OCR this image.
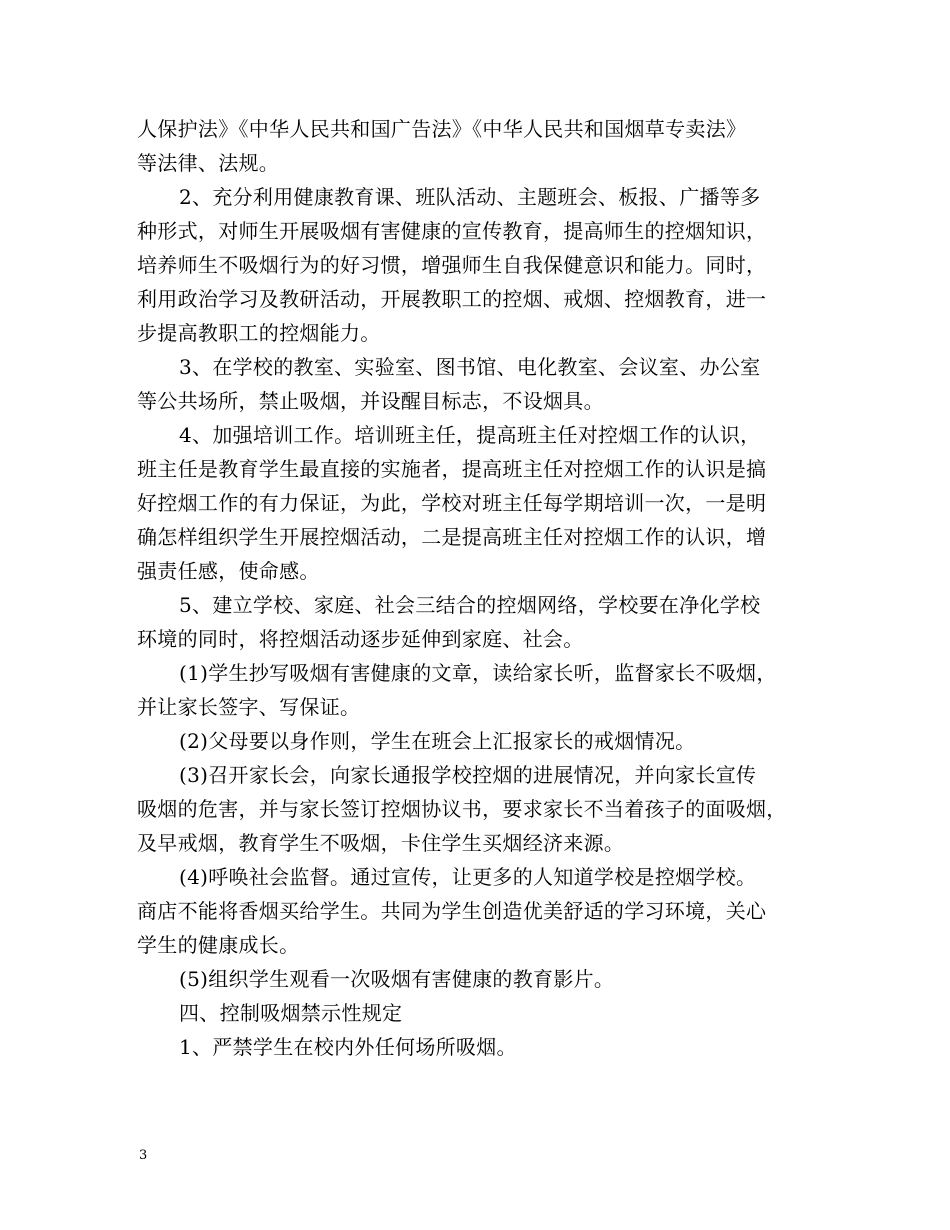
人保护法》《中华人民共和国广告法》《中华人民共和国烟草专卖法》
等法律、法规。
2、充分利用健康教育课、班队活动、主题班会、板报、广播等多
种形式，对师生开展吸烟有害健康的宣传教育，提高师生的控烟知识，
培养师生不吸烟行为的好习惯，增强师生自我保健意识和能力。同时，
利用政治学习及教研活动，开展教职工的控烟、戒烟、控烟教育，进一
步提高教职工的控烟能力。
3、在学校的教室、实验室、图书馆、电化教室、会议室、办公室
等公共场所，禁止吸烟，并设醒目标志，不设烟具。
4、加强培训工作。培训班主任，提高班主任对控烟工作的认识，
班主任是教育学生最直接的实施者，提高班主任对控烟工作的认识是搞
好控烟工作的有力保证，为此，学校对班主任每学期培训一次，一是明
确怎样组织学生开展控烟活动，二是提高班主任对控烟工作的认识，增
强责任感，使命感。
5、建立学校、家庭、社会三结合的控烟网络，学校要在净化学校
环境的同时，将控烟活动逐步延伸到家庭、社会。
(1)学生抄写吸烟有害健康的文章，读给家长听，监督家长不吸烟，
并让家长签字、写保证。
(2)父母要以身作则，学生在班会上汇报家长的戒烟情况。
(3)召开家长会，向家长通报学校控烟的进展情况，并向家长宣传
吸烟的危害，并与家长签订控烟协议书，要求家长不当着孩子的面吸烟，
及早戒烟，教育学生不吸烟，卡住学生买烟经济来源。
(4)呼唤社会监督。通过宣传，让更多的人知道学校是控烟学校。
商店不能将香烟买给学生。共同为学生创造优美舒适的学习环境，关心
学生的健康成长。
(5)组织学生观看一次吸烟有害健康的教育影片。
四、控制吸烟禁示性规定
1、严禁学生在校内外任何场所吸烟。
3
